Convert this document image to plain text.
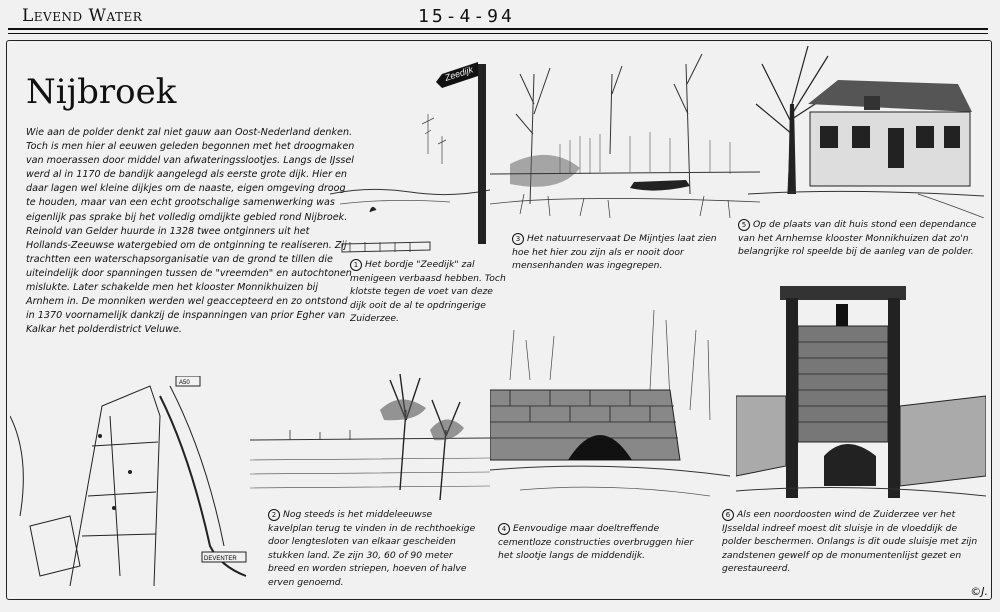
Levend Water	15-4-94
Nijbroek
Wie aan de polder denkt zal niet gauw aan Oost-Nederland denken. Toch is men hier al eeuwen geleden begonnen met het droogmaken van moerassen door middel van afwateringsslootjes. Langs de IJssel werd al in 1170 de bandijk aangelegd als eerste grote dijk. Hier en daar lagen wel kleine dijkjes om de naaste, eigen omgeving droog te houden, maar van een echt grootschalige samenwerking was eigenlijk pas sprake bij het volledig omdijkte gebied rond Nijbroek. Reinold van Gelder huurde in 1328 twee ontginners uit het Hollands-Zeeuwse watergebied om de ontginning te realiseren. Zij trachtten een waterschapsorganisatie van de grond te tillen die uiteindelijk door spanningen tussen de "vreemden" en autochtonen mislukte. Later schakelde men het klooster Monnikhuizen bij Arnhem in. De monniken werden wel geaccepteerd en zo ontstond in 1370 voornamelijk dankzij de inspanningen van prior Egher van Kalkar het polderdistrict Veluwe.
Zeedijk
A50
DEVENTER
1 Het bordje "Zeedijk" zal menigeen verbaasd hebben. Toch klotste tegen de voet van deze dijk ooit de al te opdringerige Zuiderzee.
2 Nog steeds is het middeleeuwse kavelplan terug te vinden in de rechthoekige door lengtesloten van elkaar gescheiden stukken land. Ze zijn 30, 60 of 90 meter breed en worden striepen, hoeven of halve erven genoemd.
3 Het natuurreservaat De Mijntjes laat zien hoe het hier zou zijn als er nooit door mensenhanden was ingegrepen.
4 Eenvoudige maar doeltreffende cementloze constructies overbruggen hier het slootje langs de middendijk.
5 Op de plaats van dit huis stond een dependance van het Arnhemse klooster Monnikhuizen dat zo'n belangrijke rol speelde bij de aanleg van de polder.
6 Als een noordoosten wind de Zuiderzee ver het IJsseldal indreef moest dit sluisje in de vloeddijk de polder beschermen. Onlangs is dit oude sluisje met zijn zandstenen gewelf op de monumentenlijst gezet en gerestaureerd.
©J.
